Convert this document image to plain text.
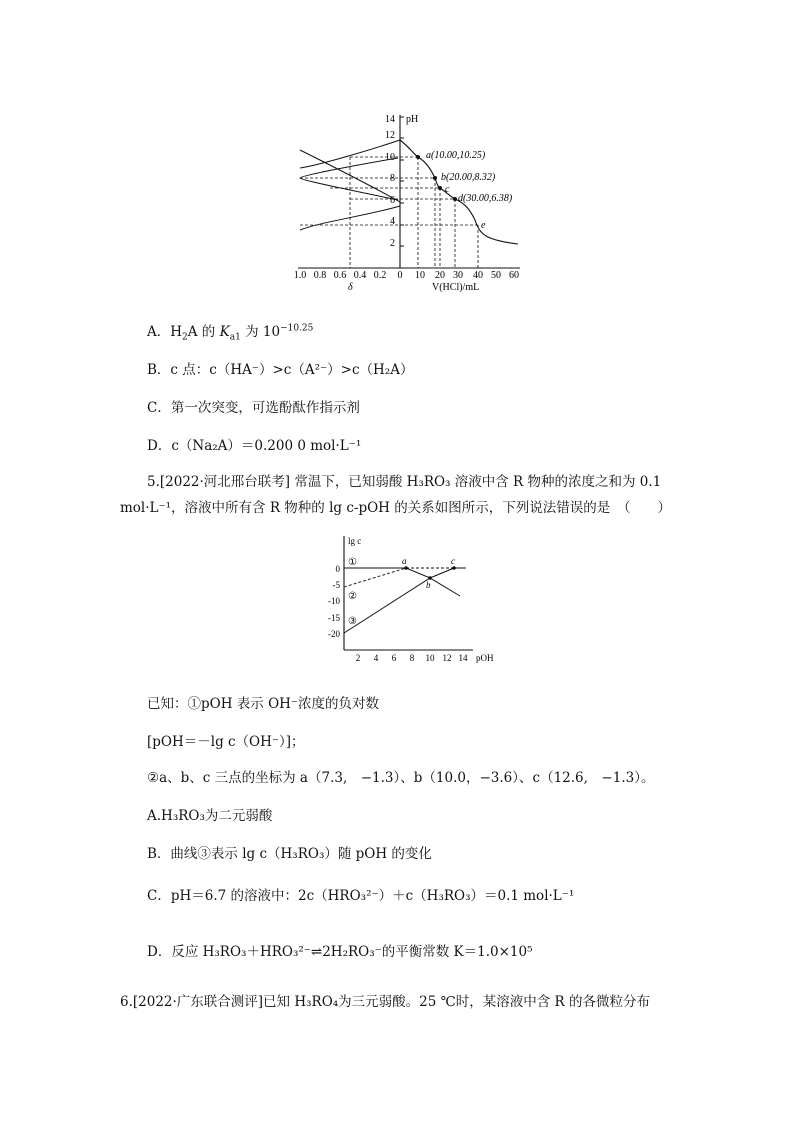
pH
2
4
6
8
10
12
14
1.0 0.8 0.6 0.4 0.2 0 10 20 30 40 50 60
δ	V(HCl)/mL
a(10.00,10.25)
b(20.00,8.32)
c
d(30.00,6.38)
e
A．$H_2A$ 的 $K_{a1}$ 为 $10^{-10.25}$
B．c 点：c（HA⁻）>c（A²⁻）>c（H₂A）
C．第一次突变，可选酚酞作指示剂
D．c（Na₂A）＝0.200 0 mol·L⁻¹
5.[2022·河北邢台联考] 常温下，已知弱酸 H₃RO₃ 溶液中含 R 物种的浓度之和为 0.1
mol·L⁻¹，溶液中所有含 R 物种的 lg c-pOH 的关系如图所示，下列说法错误的是　（　　）
lg c
0
-5
-10
-15
-20
2 4 6 8 10 12 14 pOH
a
b
c
①
②
③
已知：①pOH 表示 OH⁻浓度的负对数
[pOH＝－lg c（OH⁻）]；
②a、b、c 三点的坐标为 a（7.3,　−1.3）、b（10.0，−3.6）、c（12.6,　−1.3）。
A.H₃RO₃为二元弱酸
B．曲线③表示 lg c（H₃RO₃）随 pOH 的变化
C．pH＝6.7 的溶液中：2c（HRO₃²⁻）＋c（H₃RO₃）＝0.1 mol·L⁻¹
D．反应 H₃RO₃＋HRO₃²⁻⇌2H₂RO₃⁻的平衡常数 K＝1.0×10⁵
6.[2022·广东联合测评]已知 H₃RO₄为三元弱酸。25 ℃时，某溶液中含 R 的各微粒分布
